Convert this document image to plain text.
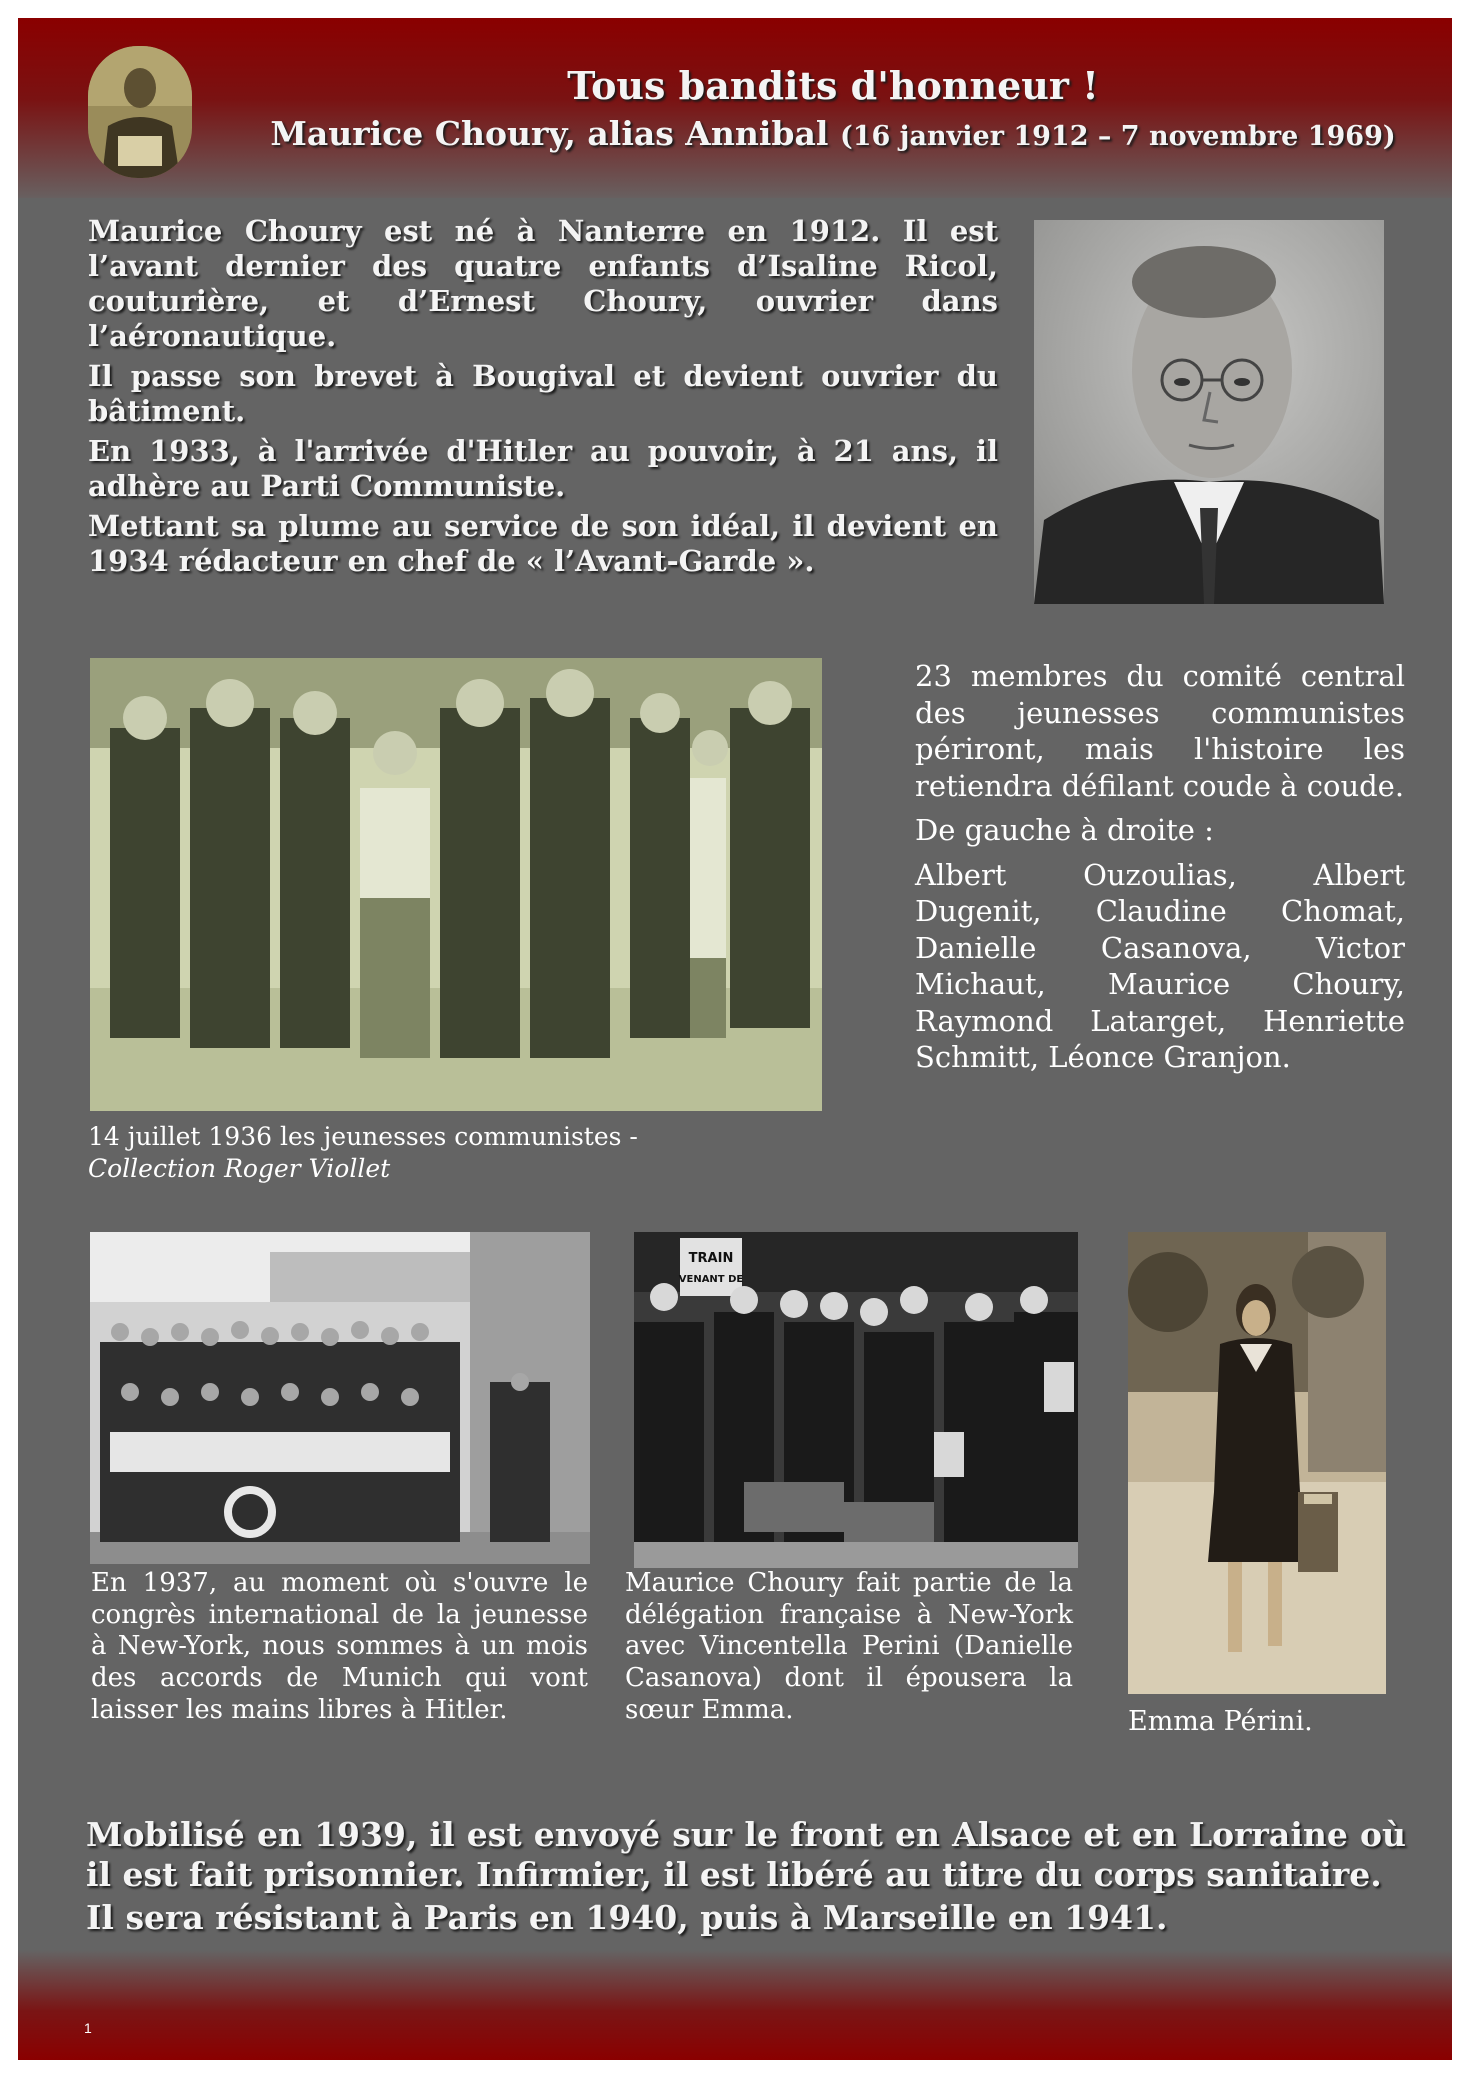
Tous bandits d'honneur !
Maurice Choury, alias Annibal (16 janvier 1912 – 7 novembre 1969)

Maurice Choury est né à Nanterre en 1912. Il est l’avant dernier des quatre enfants d’Isaline Ricol, couturière, et d’Ernest Choury, ouvrier dans l’aéronautique.

Il passe son brevet à Bougival et devient ouvrier du bâtiment.

En 1933, à l'arrivée d'Hitler au pouvoir, à 21 ans, il adhère au Parti Communiste.

Mettant sa plume au service de son idéal, il devient en 1934 rédacteur en chef de « l’Avant-Garde ».

14 juillet 1936 les jeunesses communistes -
Collection Roger Viollet

23 membres du comité central des jeunesses communistes périront, mais l'histoire les retiendra défilant coude à coude.

De gauche à droite :

Albert Ouzoulias, Albert Dugenit, Claudine Chomat, Danielle Casanova, Victor Michaut, Maurice Choury, Raymond Latarget, Henriette Schmitt, Léonce Granjon.

En 1937, au moment où s'ouvre le congrès international de la jeunesse à New-York, nous sommes à un mois des accords de Munich qui vont laisser les mains libres à Hitler.
TRAIN
VENANT DE
Maurice Choury fait partie de la délégation française à New-York avec Vincentella Perini (Danielle Casanova) dont il épousera la sœur Emma.	Emma Périni.

Mobilisé en 1939, il est envoyé sur le front en Alsace et en Lorraine où il est fait prisonnier. Infirmier, il est libéré au titre du corps sanitaire.

Il sera résistant à Paris en 1940, puis à Marseille en 1941.

1
